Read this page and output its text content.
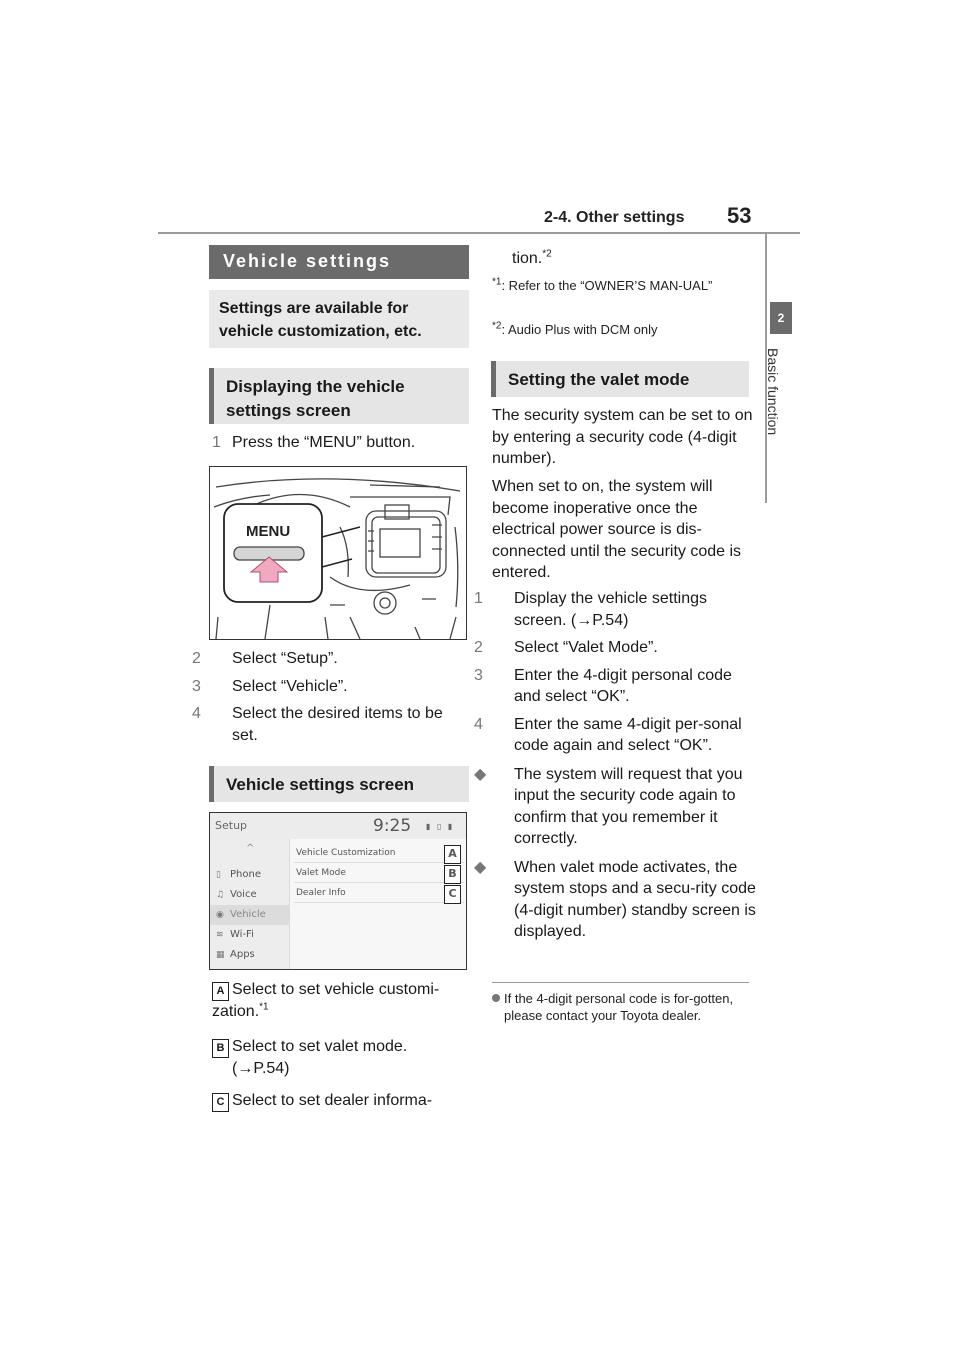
2-4. Other settings 53
2
Basic function
Vehicle settings
Settings are available for vehicle customization, etc.
Displaying the vehicle settings screen
1 Press the “MENU” button.
MENU
2 Select “Setup”.
3 Select “Vehicle”.
4 Select the desired items to be set.
Vehicle settings screen
Setup	9:25 ▮ ▯ ▮
^
▯ Phone
♫ Voice
◉ Vehicle
≋ Wi-Fi
▦ Apps
Vehicle Customization	A
Valet Mode	B
Dealer Info	C
A Select to set vehicle customi-zation.$^{*1}$
B Select to set valet mode.
(→P.54)
C Select to set dealer informa-
tion.$^{*2}$
$^{*1}$: Refer to the “OWNER’S MAN-UAL”
$^{*2}$: Audio Plus with DCM only
Setting the valet mode
The security system can be set to on by entering a security code (4-digit number).
When set to on, the system will become inoperative once the electrical power source is dis-connected until the security code is entered.
1 Display the vehicle settings screen. (→P.54)
2 Select “Valet Mode”.
3 Enter the 4-digit personal code and select “OK”.
4 Enter the same 4-digit per-sonal code again and select “OK”.
◆ The system will request that you input the security code again to confirm that you remember it correctly.
◆ When valet mode activates, the system stops and a secu-rity code (4-digit number) standby screen is displayed.
If the 4-digit personal code is for-gotten, please contact your Toyota dealer.
